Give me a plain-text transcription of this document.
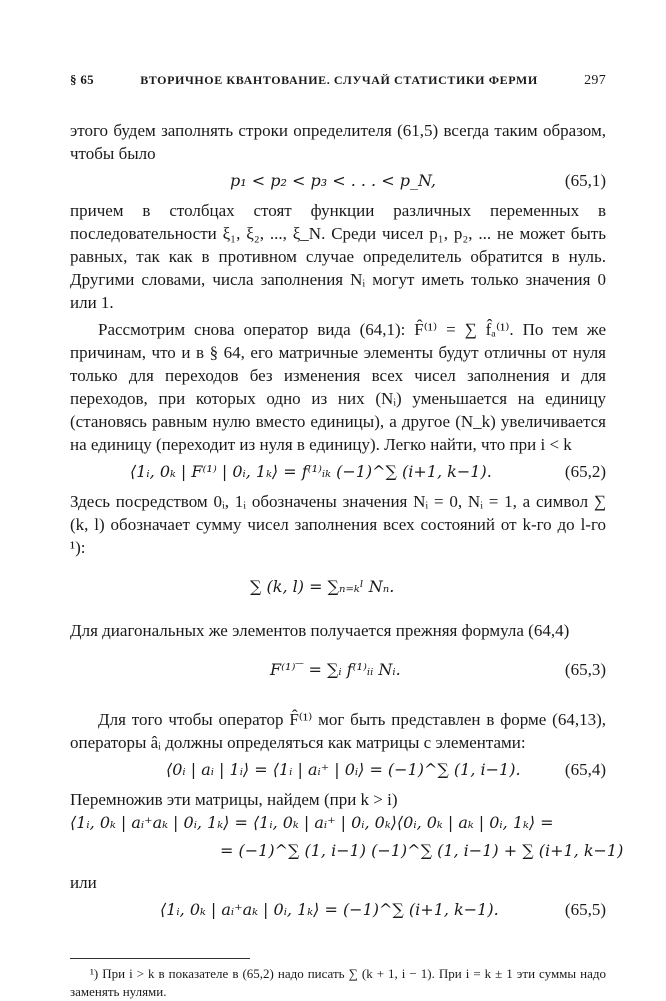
§ 65	ВТОРИЧНОЕ КВАНТОВАНИЕ. СЛУЧАЙ СТАТИСТИКИ ФЕРМИ	297

этого будем заполнять строки определителя (61,5) всегда таким образом, чтобы было

p₁ < p₂ < p₃ < . . . < p_N,	(65,1)

причем в столбцах стоят функции различных переменных в последовательности ξ₁, ξ₂, ..., ξ_N. Среди чисел p₁, p₂, ... не может быть равных, так как в противном случае определитель обратится в нуль. Другими словами, числа заполнения Nᵢ могут иметь только значения 0 или 1.

Рассмотрим снова оператор вида (64,1): F̂⁽¹⁾ = ∑ f̂ₐ⁽¹⁾. По тем же причинам, что и в § 64, его матричные элементы будут отличны от нуля только для переходов без изменения всех чисел заполнения и для переходов, при которых одно из них (Nᵢ) уменьшается на единицу (становясь равным нулю вместо единицы), а другое (N_k) увеличивается на единицу (переходит из нуля в единицу). Легко найти, что при i < k

⟨1ᵢ, 0ₖ | F⁽¹⁾ | 0ᵢ, 1ₖ⟩ = f⁽¹⁾ᵢₖ (−1)^∑ (i+1, k−1).	(65,2)

Здесь посредством 0ᵢ, 1ᵢ обозначены значения Nᵢ = 0, Nᵢ = 1, а символ ∑ (k, l) обозначает сумму чисел заполнения всех состояний от k-го до l-го ¹):

∑ (k, l) = ∑ₙ₌ₖˡ Nₙ.

Для диагональных же элементов получается прежняя формула (64,4)

F⁽¹⁾‾ = ∑ᵢ f⁽¹⁾ᵢᵢ Nᵢ.	(65,3)

Для того чтобы оператор F̂⁽¹⁾ мог быть представлен в форме (64,13), операторы âᵢ должны определяться как матрицы с элементами:

⟨0ᵢ | aᵢ | 1ᵢ⟩ = ⟨1ᵢ | aᵢ⁺ | 0ᵢ⟩ = (−1)^∑ (1, i−1).	(65,4)

Перемножив эти матрицы, найдем (при k > i)

⟨1ᵢ, 0ₖ | aᵢ⁺aₖ | 0ᵢ, 1ₖ⟩ = ⟨1ᵢ, 0ₖ | aᵢ⁺ | 0ᵢ, 0ₖ⟩⟨0ᵢ, 0ₖ | aₖ | 0ᵢ, 1ₖ⟩ =
= (−1)^∑ (1, i−1) (−1)^∑ (1, i−1) + ∑ (i+1, k−1)

или

⟨1ᵢ, 0ₖ | aᵢ⁺aₖ | 0ᵢ, 1ₖ⟩ = (−1)^∑ (i+1, k−1).	(65,5)

¹) При i > k в показателе в (65,2) надо писать ∑ (k + 1, i − 1). При i = k ± 1 эти суммы надо заменять нулями.
